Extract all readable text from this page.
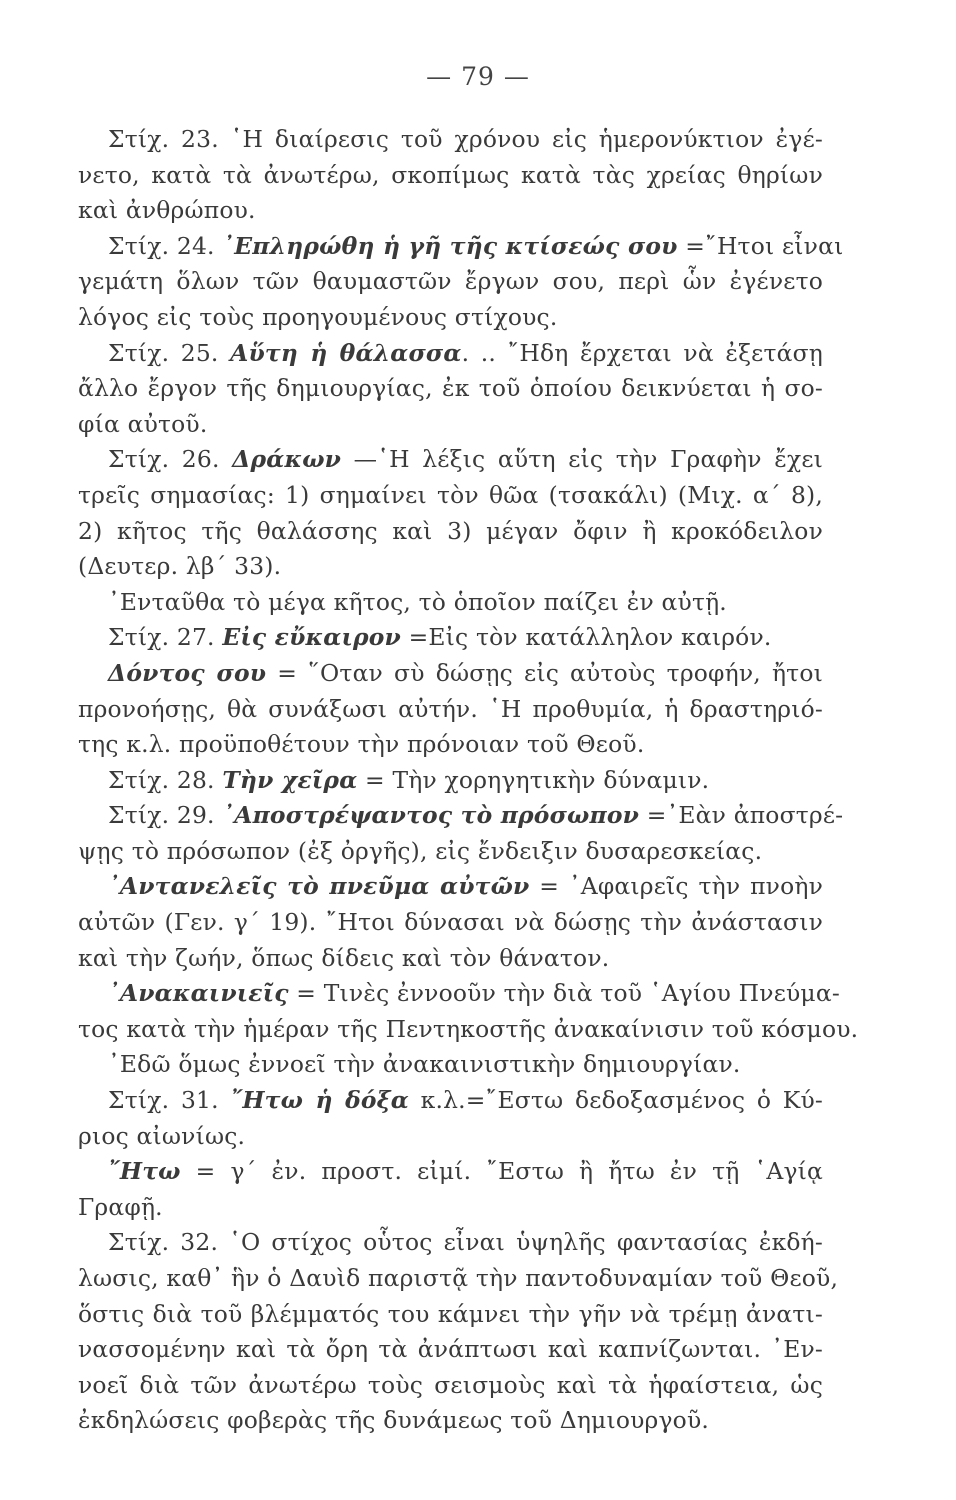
— 79 —
Στίχ. 23. ῾Η διαίρεσις τοῦ χρόνου εἰς ἡμερονύκτιον ἐγέ-
νετο, κατὰ τὰ ἀνωτέρω, σκοπίμως κατὰ τὰς χρείας θηρίων
καὶ ἀνθρώπου.
Στίχ. 24. ᾿Επληρώθη ἡ γῆ τῆς κτίσεώς σου =῎Ητοι εἶναι
γεμάτη ὅλων τῶν θαυμαστῶν ἔργων σου, περὶ ὧν ἐγένετο
λόγος εἰς τοὺς προηγουμένους στίχους.
Στίχ. 25. Αὕτη ἡ θάλασσα. .. ῎Ηδη ἔρχεται νὰ ἐξετάσῃ
ἄλλο ἔργον τῆς δημιουργίας, ἐκ τοῦ ὁποίου δεικνύεται ἡ σο-
φία αὐτοῦ.
Στίχ. 26. Δράκων —῾Η λέξις αὕτη εἰς τὴν Γραφὴν ἔχει
τρεῖς σημασίας: 1) σημαίνει τὸν θῶα (τσακάλι) (Μιχ. α΄ 8),
2) κῆτος τῆς θαλάσσης καὶ 3) μέγαν ὄφιν ἢ κροκόδειλον
(Δευτερ. λβ΄ 33).
᾿Ενταῦθα τὸ μέγα κῆτος, τὸ ὁποῖον παίζει ἐν αὐτῇ.
Στίχ. 27. Εἰς εὔκαιρον =Εἰς τὸν κατάλληλον καιρόν.
Δόντος σου = ῞Οταν σὺ δώσῃς εἰς αὐτοὺς τροφήν, ἤτοι
προνοήσῃς, θὰ συνάξωσι αὐτήν. ῾Η προθυμία, ἡ δραστηριό-
της κ.λ. προϋποθέτουν τὴν πρόνοιαν τοῦ Θεοῦ.
Στίχ. 28. Τὴν χεῖρα = Τὴν χορηγητικὴν δύναμιν.
Στίχ. 29. ᾿Αποστρέψαντος τὸ πρόσωπον =᾿Εὰν ἀποστρέ-
ψῃς τὸ πρόσωπον (ἐξ ὀργῆς), εἰς ἔνδειξιν δυσαρεσκείας.
᾿Αντανελεῖς τὸ πνεῦμα αὐτῶν = ᾿Αφαιρεῖς τὴν πνοὴν
αὐτῶν (Γεν. γ΄ 19). ῎Ητοι δύνασαι νὰ δώσῃς τὴν ἀνάστασιν
καὶ τὴν ζωήν, ὅπως δίδεις καὶ τὸν θάνατον.
᾿Ανακαινιεῖς = Τινὲς ἐννοοῦν τὴν διὰ τοῦ ῾Αγίου Πνεύμα-
τος κατὰ τὴν ἡμέραν τῆς Πεντηκοστῆς ἀνακαίνισιν τοῦ κόσμου.
᾿Εδῶ ὅμως ἐννοεῖ τὴν ἀνακαινιστικὴν δημιουργίαν.
Στίχ. 31. ῎Ητω ἡ δόξα κ.λ.=῎Εστω δεδοξασμένος ὁ Κύ-
ριος αἰωνίως.
῎Ητω = γ΄ ἐν. προστ. εἰμί. ῎Εστω ἢ ἤτω ἐν τῇ ῾Αγίᾳ
Γραφῇ.
Στίχ. 32. ῾Ο στίχος οὗτος εἶναι ὑψηλῆς φαντασίας ἐκδή-
λωσις, καθ᾿ ἣν ὁ Δαυὶδ παριστᾷ τὴν παντοδυναμίαν τοῦ Θεοῦ,
ὅστις διὰ τοῦ βλέμματός του κάμνει τὴν γῆν νὰ τρέμῃ ἀνατι-
νασσομένην καὶ τὰ ὄρη τὰ ἀνάπτωσι καὶ καπνίζωνται. ᾿Εν-
νοεῖ διὰ τῶν ἀνωτέρω τοὺς σεισμοὺς καὶ τὰ ἡφαίστεια, ὡς
ἐκδηλώσεις φοβερὰς τῆς δυνάμεως τοῦ Δημιουργοῦ.
